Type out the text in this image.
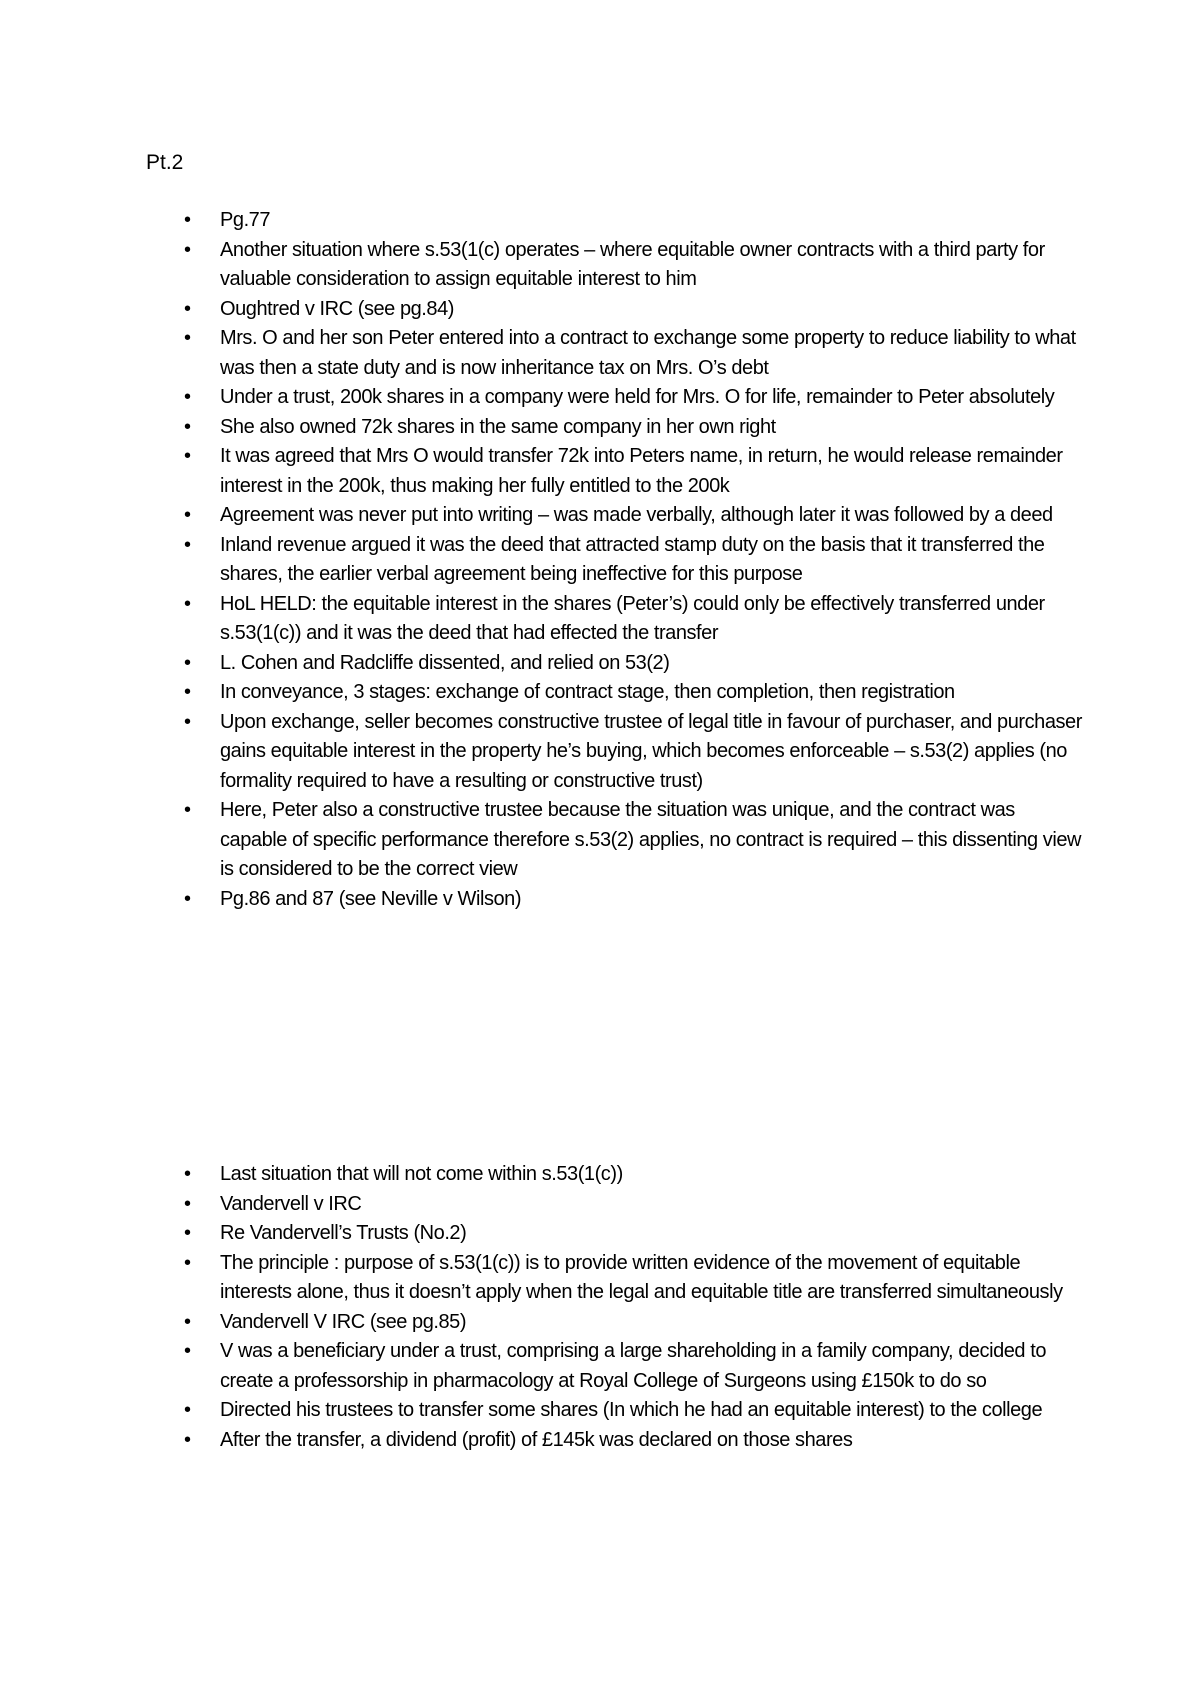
Pt.2
• Pg.77
• Another situation where s.53(1(c) operates – where equitable owner contracts with a third party for valuable consideration to assign equitable interest to him
• Oughtred v IRC (see pg.84)
• Mrs. O and her son Peter entered into a contract to exchange some property to reduce liability to what was then a state duty and is now inheritance tax on Mrs. O’s debt
• Under a trust, 200k shares in a company were held for Mrs. O for life, remainder to Peter absolutely
• She also owned 72k shares in the same company in her own right
• It was agreed that Mrs O would transfer 72k into Peters name, in return, he would release remainder interest in the 200k, thus making her fully entitled to the 200k
• Agreement was never put into writing – was made verbally, although later it was followed by a deed
• Inland revenue argued it was the deed that attracted stamp duty on the basis that it transferred the shares, the earlier verbal agreement being ineffective for this purpose
• HoL HELD: the equitable interest in the shares (Peter’s) could only be effectively transferred under s.53(1(c)) and it was the deed that had effected the transfer
• L. Cohen and Radcliffe dissented, and relied on 53(2)
• In conveyance, 3 stages: exchange of contract stage, then completion, then registration
• Upon exchange, seller becomes constructive trustee of legal title in favour of purchaser, and purchaser gains equitable interest in the property he’s buying, which becomes enforceable – s.53(2) applies (no formality required to have a resulting or constructive trust)
• Here, Peter also a constructive trustee because the situation was unique, and the contract was capable of specific performance therefore s.53(2) applies, no contract is required – this dissenting view is considered to be the correct view
• Pg.86 and 87 (see Neville v Wilson)
• Last situation that will not come within s.53(1(c))
• Vandervell v IRC
• Re Vandervell’s Trusts (No.2)
• The principle : purpose of s.53(1(c)) is to provide written evidence of the movement of equitable interests alone, thus it doesn’t apply when the legal and equitable title are transferred simultaneously
• Vandervell V IRC (see pg.85)
• V was a beneficiary under a trust, comprising a large shareholding in a family company, decided to create a professorship in pharmacology at Royal College of Surgeons using £150k to do so
• Directed his trustees to transfer some shares (In which he had an equitable interest) to the college
• After the transfer, a dividend (profit) of £145k was declared on those shares
